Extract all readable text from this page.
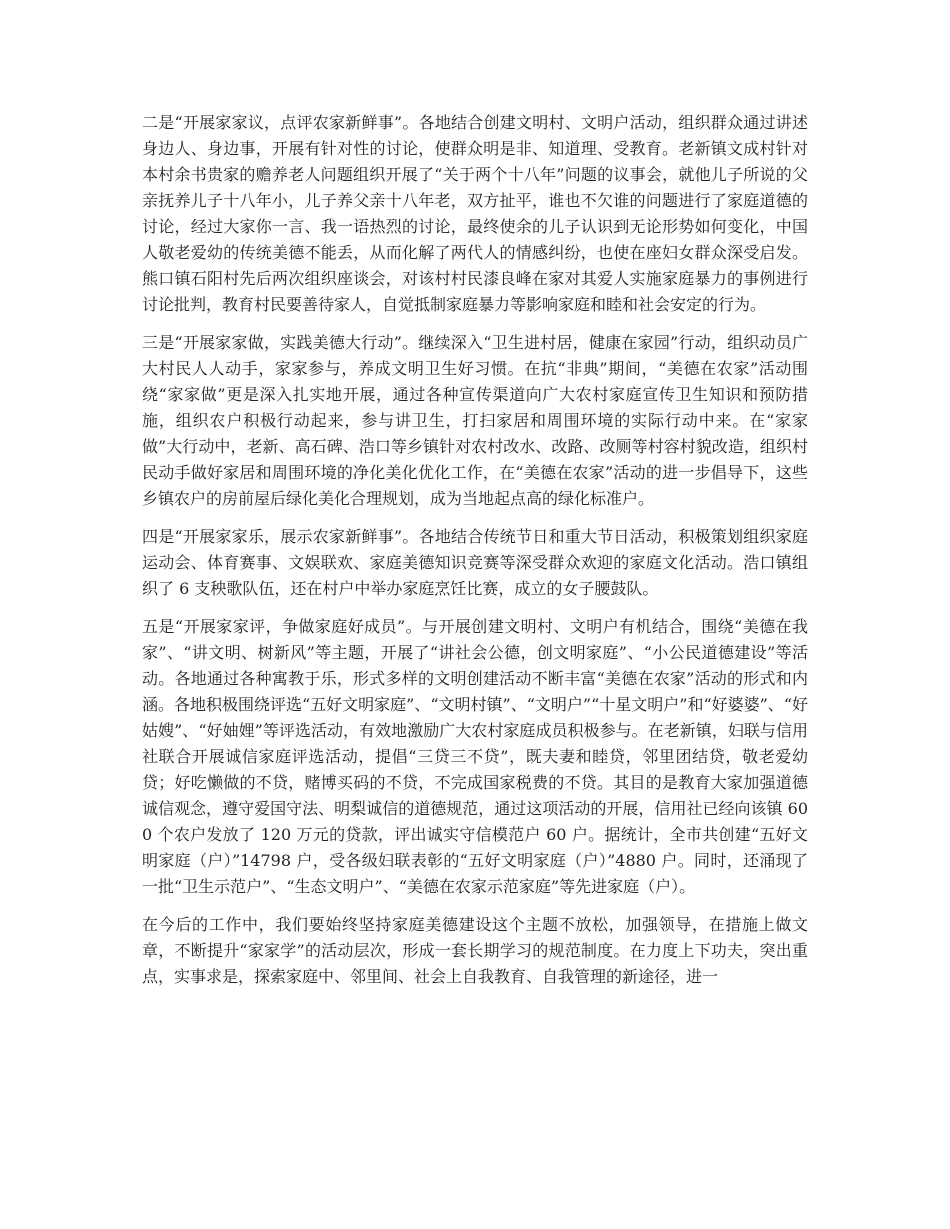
二是“开展家家议，点评农家新鲜事”。各地结合创建文明村、文明户活动，组织群众通过讲述身边人、身边事，开展有针对性的讨论，使群众明是非、知道理、受教育。老新镇文成村针对本村余书贵家的赡养老人问题组织开展了“关于两个十八年”问题的议事会，就他儿子所说的父亲抚养儿子十八年小，儿子养父亲十八年老，双方扯平，谁也不欠谁的问题进行了家庭道德的讨论，经过大家你一言、我一语热烈的讨论，最终使余的儿子认识到无论形势如何变化，中国人敬老爱幼的传统美德不能丢，从而化解了两代人的情感纠纷，也使在座妇女群众深受启发。熊口镇石阳村先后两次组织座谈会，对该村村民漆良峰在家对其爱人实施家庭暴力的事例进行讨论批判，教育村民要善待家人，自觉抵制家庭暴力等影响家庭和睦和社会安定的行为。

三是“开展家家做，实践美德大行动”。继续深入“卫生进村居，健康在家园”行动，组织动员广大村民人人动手，家家参与，养成文明卫生好习惯。在抗“非典”期间，“美德在农家”活动围绕“家家做”更是深入扎实地开展，通过各种宣传渠道向广大农村家庭宣传卫生知识和预防措施，组织农户积极行动起来，参与讲卫生，打扫家居和周围环境的实际行动中来。在“家家做”大行动中，老新、高石碑、浩口等乡镇针对农村改水、改路、改厕等村容村貌改造，组织村民动手做好家居和周围环境的净化美化优化工作，在“美德在农家”活动的进一步倡导下，这些乡镇农户的房前屋后绿化美化合理规划，成为当地起点高的绿化标准户。

四是“开展家家乐，展示农家新鲜事”。各地结合传统节日和重大节日活动，积极策划组织家庭运动会、体育赛事、文娱联欢、家庭美德知识竞赛等深受群众欢迎的家庭文化活动。浩口镇组织了 6 支秧歌队伍，还在村户中举办家庭烹饪比赛，成立的女子腰鼓队。

五是“开展家家评，争做家庭好成员”。与开展创建文明村、文明户有机结合，围绕“美德在我家”、“讲文明、树新风”等主题，开展了“讲社会公德，创文明家庭”、“小公民道德建设”等活动。各地通过各种寓教于乐，形式多样的文明创建活动不断丰富“美德在农家”活动的形式和内涵。各地积极围绕评选“五好文明家庭”、“文明村镇”、“文明户”“十星文明户”和“好婆婆”、“好姑嫂”、“好妯娌”等评选活动，有效地激励广大农村家庭成员积极参与。在老新镇，妇联与信用社联合开展诚信家庭评选活动，提倡“三贷三不贷”，既夫妻和睦贷，邻里团结贷，敬老爱幼贷；好吃懒做的不贷，赌博买码的不贷，不完成国家税费的不贷。其目的是教育大家加强道德诚信观念，遵守爱国守法、明梨诚信的道德规范，通过这项活动的开展，信用社已经向该镇 600 个农户发放了 120 万元的贷款，评出诚实守信模范户 60 户。据统计，全市共创建“五好文明家庭（户）”14798 户，受各级妇联表彰的“五好文明家庭（户）”4880 户。同时，还涌现了一批“卫生示范户”、“生态文明户”、“美德在农家示范家庭”等先进家庭（户）。

在今后的工作中，我们要始终坚持家庭美德建设这个主题不放松，加强领导，在措施上做文章，不断提升“家家学”的活动层次，形成一套长期学习的规范制度。在力度上下功夫，突出重点，实事求是，探索家庭中、邻里间、社会上自我教育、自我管理的新途径，进一
